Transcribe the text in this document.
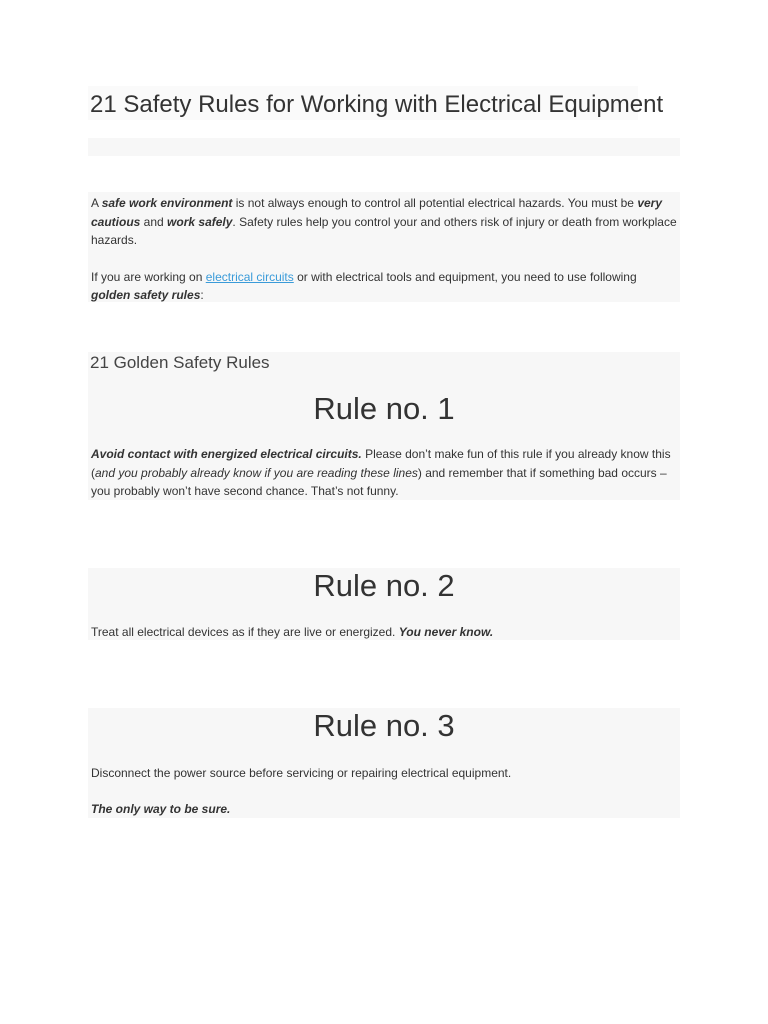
21 Safety Rules for Working with Electrical Equipment

A safe work environment is not always enough to control all potential electrical hazards. You must be very cautious and work safely. Safety rules help you control your and others risk of injury or death from workplace hazards.

If you are working on electrical circuits or with electrical tools and equipment, you need to use following golden safety rules:

21 Golden Safety Rules
Rule no. 1

Avoid contact with energized electrical circuits. Please don’t make fun of this rule if you already know this (and you probably already know if you are reading these lines) and remember that if something bad occurs – you probably won’t have second chance. That’s not funny.

Rule no. 2

Treat all electrical devices as if they are live or energized. You never know.

Rule no. 3

Disconnect the power source before servicing or repairing electrical equipment.

The only way to be sure.
